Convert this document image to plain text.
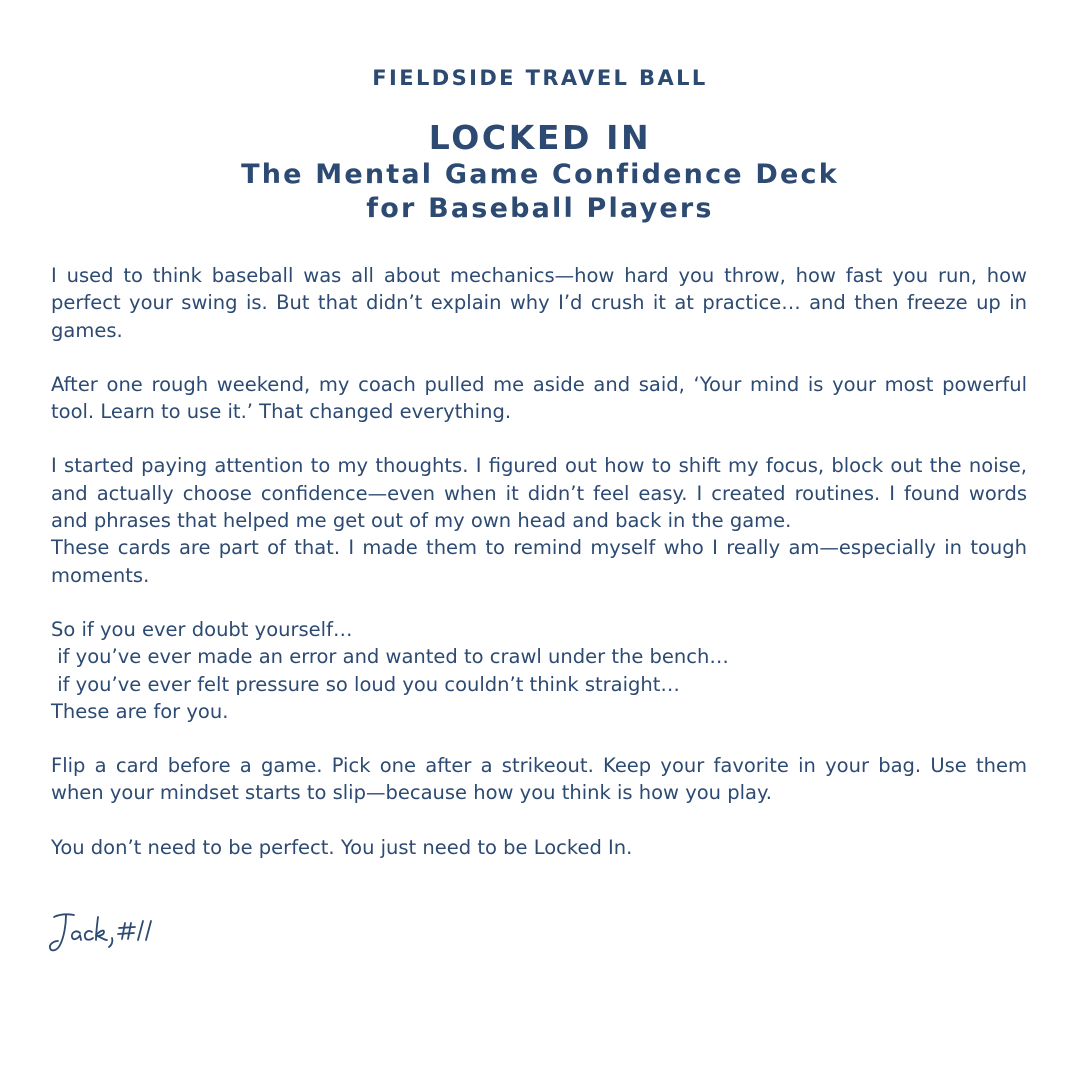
FIELDSIDE TRAVEL BALL
LOCKED IN
The Mental Game Confidence Deck
for Baseball Players

I used to think baseball was all about mechanics—how hard you throw, how fast you run, how perfect your swing is. But that didn’t explain why I’d crush it at practice… and then freeze up in games.

After one rough weekend, my coach pulled me aside and said, ‘Your mind is your most powerful tool. Learn to use it.’ That changed everything.

I started paying attention to my thoughts. I figured out how to shift my focus, block out the noise, and actually choose confidence—even when it didn’t feel easy. I created routines. I found words and phrases that helped me get out of my own head and back in the game.
These cards are part of that. I made them to remind myself who I really am—especially in tough moments.

So if you ever doubt yourself…
if you’ve ever made an error and wanted to crawl under the bench…
if you’ve ever felt pressure so loud you couldn’t think straight…
These are for you.

Flip a card before a game. Pick one after a strikeout. Keep your favorite in your bag. Use them when your mindset starts to slip—because how you think is how you play.

You don’t need to be perfect. You just need to be Locked In.
